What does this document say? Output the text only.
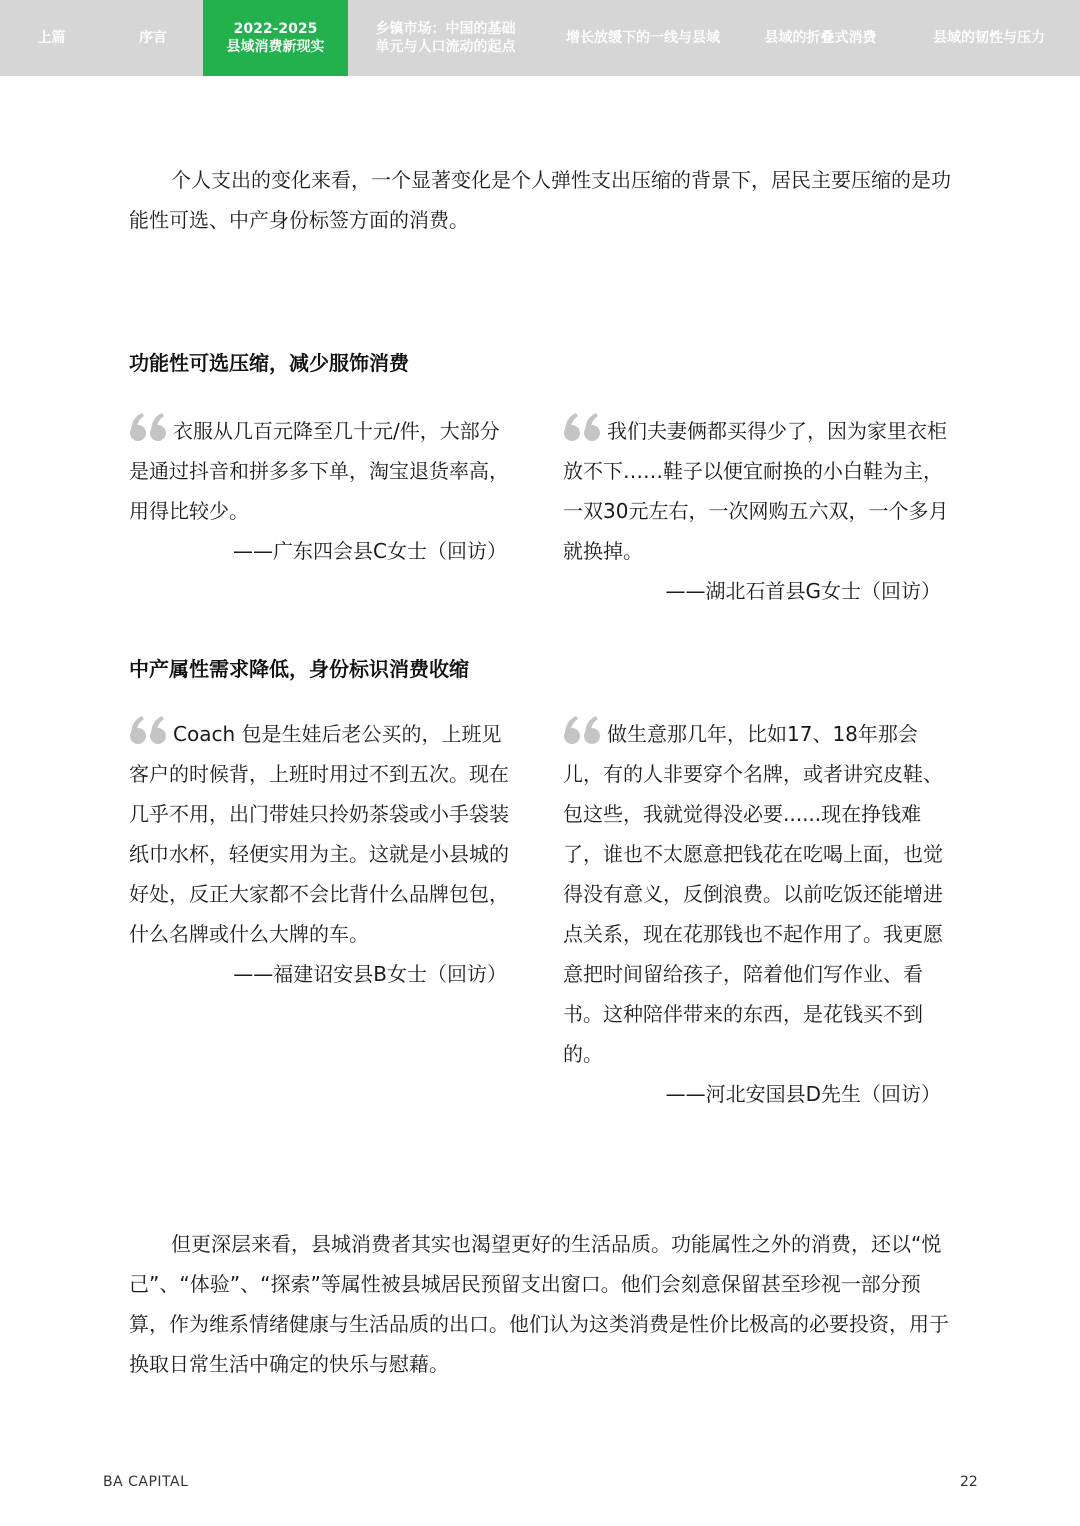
上篇	序言
2022-2025
县域消费新现实
乡镇市场：中国的基础
单元与人口流动的起点
增长放缓下的一线与县域	县域的折叠式消费	县域的韧性与压力

个人支出的变化来看，一个显著变化是个人弹性支出压缩的背景下，居民主要压缩的是功能性可选、中产身份标签方面的消费。

功能性可选压缩，减少服饰消费

衣服从几百元降至几十元/件，大部分是通过抖音和拼多多下单，淘宝退货率高，用得比较少。

——广东四会县C女士（回访）

我们夫妻俩都买得少了，因为家里衣柜放不下……鞋子以便宜耐换的小白鞋为主，一双30元左右，一次网购五六双，一个多月就换掉。

——湖北石首县G女士（回访）

中产属性需求降低，身份标识消费收缩

Coach 包是生娃后老公买的，上班见客户的时候背，上班时用过不到五次。现在几乎不用，出门带娃只拎奶茶袋或小手袋装纸巾水杯，轻便实用为主。这就是小县城的好处，反正大家都不会比背什么品牌包包，什么名牌或什么大牌的车。

——福建诏安县B女士（回访）

做生意那几年，比如17、18年那会儿，有的人非要穿个名牌，或者讲究皮鞋、包这些，我就觉得没必要......现在挣钱难了，谁也不太愿意把钱花在吃喝上面，也觉得没有意义，反倒浪费。以前吃饭还能增进点关系，现在花那钱也不起作用了。我更愿意把时间留给孩子，陪着他们写作业、看书。这种陪伴带来的东西，是花钱买不到的。

——河北安国县D先生（回访）

但更深层来看，县城消费者其实也渴望更好的生活品质。功能属性之外的消费，还以“悦己”、“体验”、“探索”等属性被县城居民预留支出窗口。他们会刻意保留甚至珍视一部分预算，作为维系情绪健康与生活品质的出口。他们认为这类消费是性价比极高的必要投资，用于换取日常生活中确定的快乐与慰藉。

BA CAPITAL	22
